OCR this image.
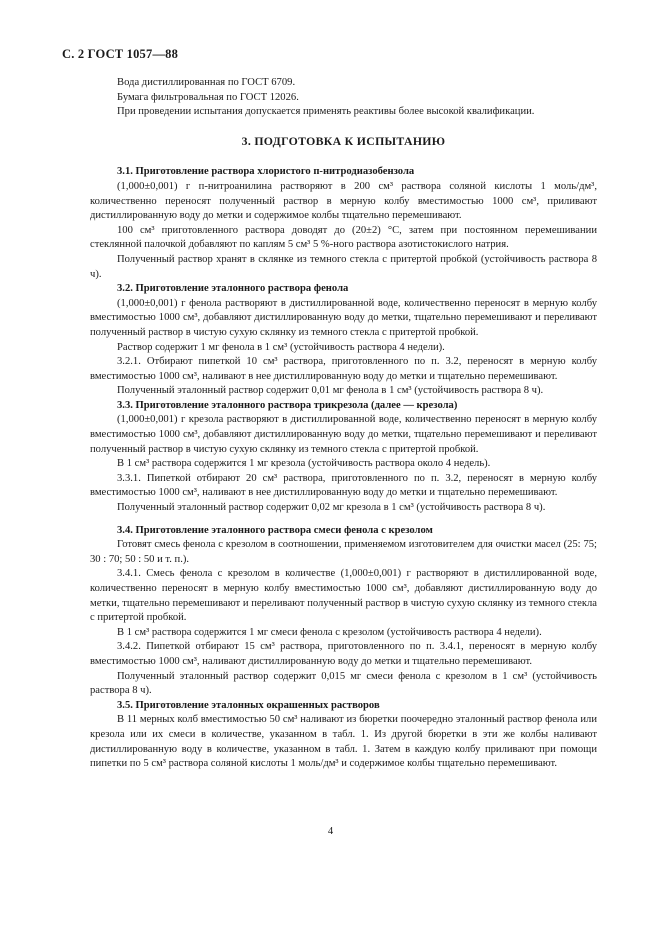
С. 2 ГОСТ 1057—88

Вода дистиллированная по ГОСТ 6709.

Бумага фильтровальная по ГОСТ 12026.

При проведении испытания допускается применять реактивы более высокой квалификации.

3. ПОДГОТОВКА К ИСПЫТАНИЮ

3.1. Приготовление раствора хлористого п-нитродиазобензола

(1,000±0,001) г п-нитроанилина растворяют в 200 см³ раствора соляной кислоты 1 моль/дм³, количественно переносят полученный раствор в мерную колбу вместимостью 1000 см³, приливают дистиллированную воду до метки и содержимое колбы тщательно перемешивают.

100 см³ приготовленного раствора доводят до (20±2) °С, затем при постоянном перемешивании стеклянной палочкой добавляют по каплям 5 см³ 5 %-ного раствора азотистокислого натрия.

Полученный раствор хранят в склянке из темного стекла с притертой пробкой (устойчивость раствора 8 ч).

3.2. Приготовление эталонного раствора фенола

(1,000±0,001) г фенола растворяют в дистиллированной воде, количественно переносят в мерную колбу вместимостью 1000 см³, добавляют дистиллированную воду до метки, тщательно перемешивают и переливают полученный раствор в чистую сухую склянку из темного стекла с притертой пробкой.

Раствор содержит 1 мг фенола в 1 см³ (устойчивость раствора 4 недели).

3.2.1. Отбирают пипеткой 10 см³ раствора, приготовленного по п. 3.2, переносят в мерную колбу вместимостью 1000 см³, наливают в нее дистиллированную воду до метки и тщательно перемешивают.

Полученный эталонный раствор содержит 0,01 мг фенола в 1 см³ (устойчивость раствора 8 ч).

3.3. Приготовление эталонного раствора трикрезола (далее — крезола)

(1,000±0,001) г крезола растворяют в дистиллированной воде, количественно переносят в мерную колбу вместимостью 1000 см³, добавляют дистиллированную воду до метки, тщательно перемешивают и переливают полученный раствор в чистую сухую склянку из темного стекла с притертой пробкой.

В 1 см³ раствора содержится 1 мг крезола (устойчивость раствора около 4 недель).

3.3.1. Пипеткой отбирают 20 см³ раствора, приготовленного по п. 3.2, переносят в мерную колбу вместимостью 1000 см³, наливают в нее дистиллированную воду до метки и тщательно перемешивают.

Полученный эталонный раствор содержит 0,02 мг крезола в 1 см³ (устойчивость раствора 8 ч).

3.4. Приготовление эталонного раствора смеси фенола с крезолом

Готовят смесь фенола с крезолом в соотношении, применяемом изготовителем для очистки масел (25: 75; 30 : 70; 50 : 50 и т. п.).

3.4.1. Смесь фенола с крезолом в количестве (1,000±0,001) г растворяют в дистиллированной воде, количественно переносят в мерную колбу вместимостью 1000 см³, добавляют дистиллированную воду до метки, тщательно перемешивают и переливают полученный раствор в чистую сухую склянку из темного стекла с притертой пробкой.

В 1 см³ раствора содержится 1 мг смеси фенола с крезолом (устойчивость раствора 4 недели).

3.4.2. Пипеткой отбирают 15 см³ раствора, приготовленного по п. 3.4.1, переносят в мерную колбу вместимостью 1000 см³, наливают дистиллированную воду до метки и тщательно перемешивают.

Полученный эталонный раствор содержит 0,015 мг смеси фенола с крезолом в 1 см³ (устойчивость раствора 8 ч).

3.5. Приготовление эталонных окрашенных растворов

В 11 мерных колб вместимостью 50 см³ наливают из бюретки поочередно эталонный раствор фенола или крезола или их смеси в количестве, указанном в табл. 1. Из другой бюретки в эти же колбы наливают дистиллированную воду в количестве, указанном в табл. 1. Затем в каждую колбу приливают при помощи пипетки по 5 см³ раствора соляной кислоты 1 моль/дм³ и содержимое колбы тщательно перемешивают.

4
